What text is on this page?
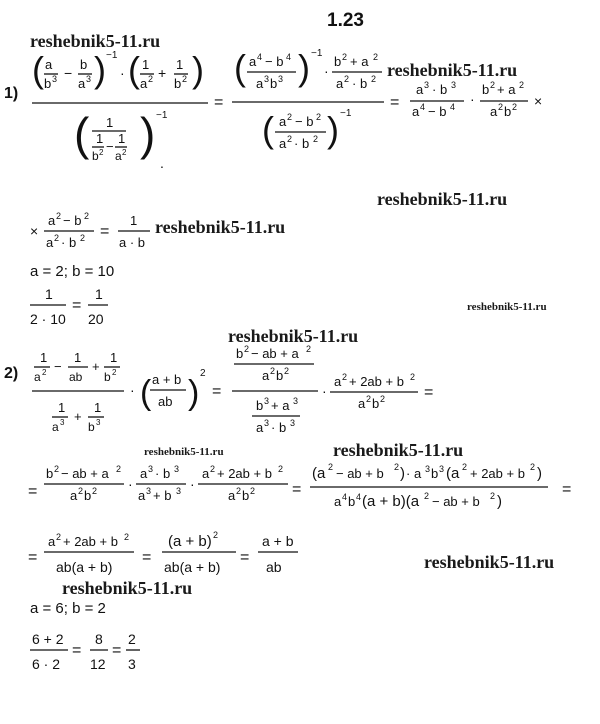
1.23
reshebnik5-11.ru
reshebnik5-11.ru
reshebnik5-11.ru
reshebnik5-11.ru
reshebnik5-11.ru
reshebnik5-11.ru
reshebnik5-11.ru	reshebnik5-11.ru
reshebnik5-11.ru
reshebnik5-11.ru
1)
( a
b 3 −
b
a 3 ) −1
· ( 1
a 2 +
1
b 2 )
( 1
1
b 2 −
1
a 2 ) −1
.
=
( a 4 − b 4
a 3 b 3 ) −1
·
b 2 + a 2
a 2 · b 2
( a 2 − b 2
a 2 · b 2 ) −1
=
a 3 · b 3
a 4 − b 4 ·
b 2 + a 2
a 2 b 2 ×
×
a 2 − b 2
a 2 · b 2 =
1
a · b
a = 2; b = 10
1
2 · 10
=
1
20
2)
1
a 2 −
1
ab
+
1
b 2
1
a 3 +
1
b 3
· ( a + b
ab )
2
=
b 2 − ab + a 2
a 2 b 2
b 3 + a 3
a 3 · b 3
·
a 2 + 2ab + b 2
a 2 b 2 =
=
b 2 − ab + a 2
a 2 b 2 ·
a 3 · b 3
a 3 + b 3 ·
a 2 + 2ab + b 2
a 2 b 2 =
(a 2 − ab + b 2 ) · a 3 b 3 (a 2 + 2ab + b 2 )
a 4 b 4 (a + b)(a 2 − ab + b 2 )
=
=
a 2 + 2ab + b 2
ab(a + b)
=
(a + b) 2
ab(a + b)
=
a + b
ab
a = 6; b = 2
6 + 2
6 · 2
=
8
12
=
2
3
